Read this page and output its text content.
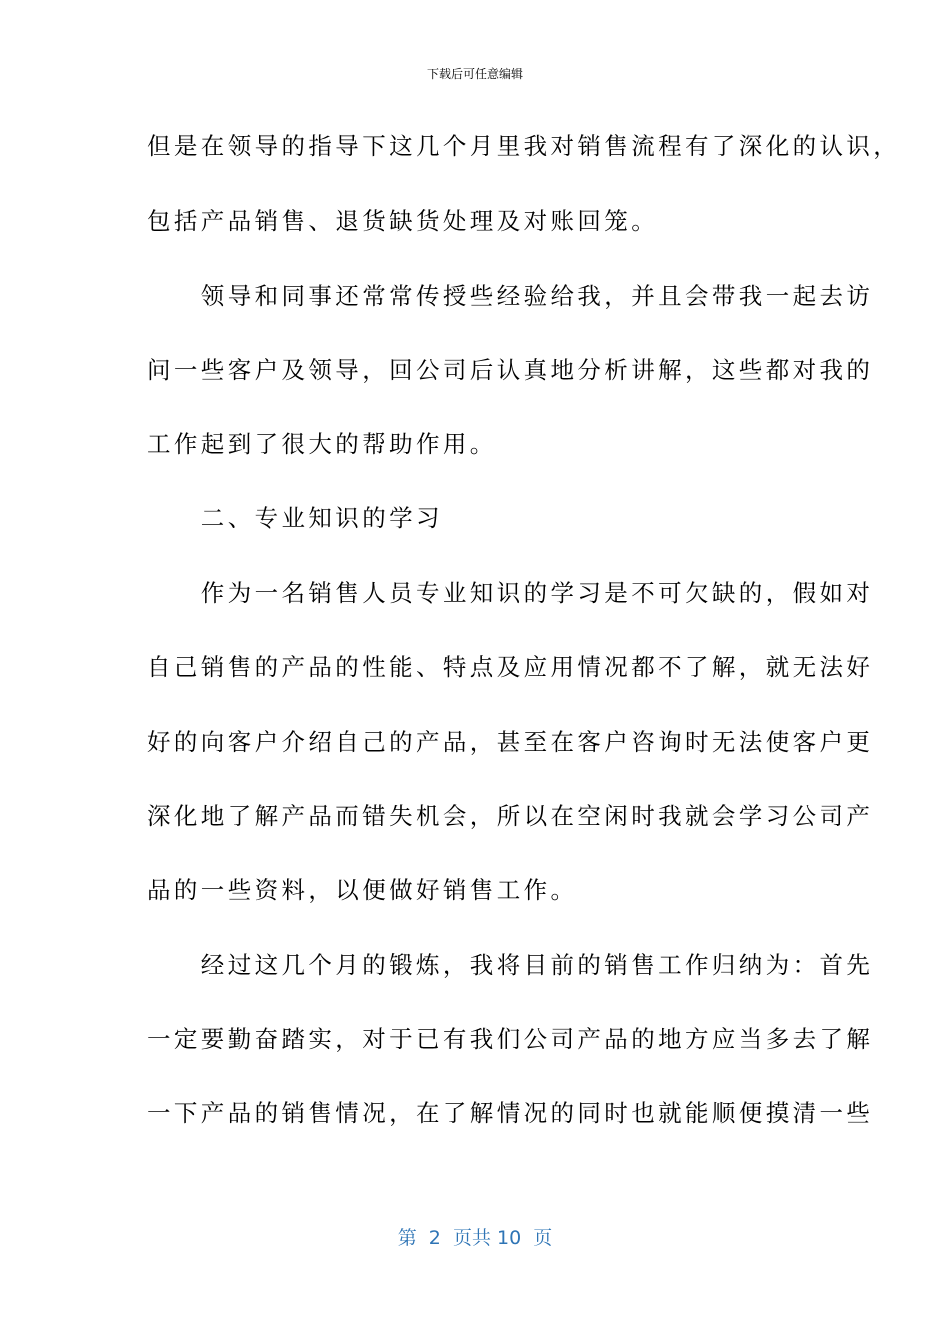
下载后可任意编辑
但是在领导的指导下这几个月里我对销售流程有了深化的认识，
包括产品销售、退货缺货处理及对账回笼。
　　领导和同事还常常传授些经验给我，并且会带我一起去访
问一些客户及领导，回公司后认真地分析讲解，这些都对我的
工作起到了很大的帮助作用。
　　二、专业知识的学习
　　作为一名销售人员专业知识的学习是不可欠缺的，假如对
自己销售的产品的性能、特点及应用情况都不了解，就无法好
好的向客户介绍自己的产品，甚至在客户咨询时无法使客户更
深化地了解产品而错失机会，所以在空闲时我就会学习公司产
品的一些资料，以便做好销售工作。
　　经过这几个月的锻炼，我将目前的销售工作归纳为：首先
一定要勤奋踏实，对于已有我们公司产品的地方应当多去了解
一下产品的销售情况，在了解情况的同时也就能顺便摸清一些
第  2  页共 10  页
